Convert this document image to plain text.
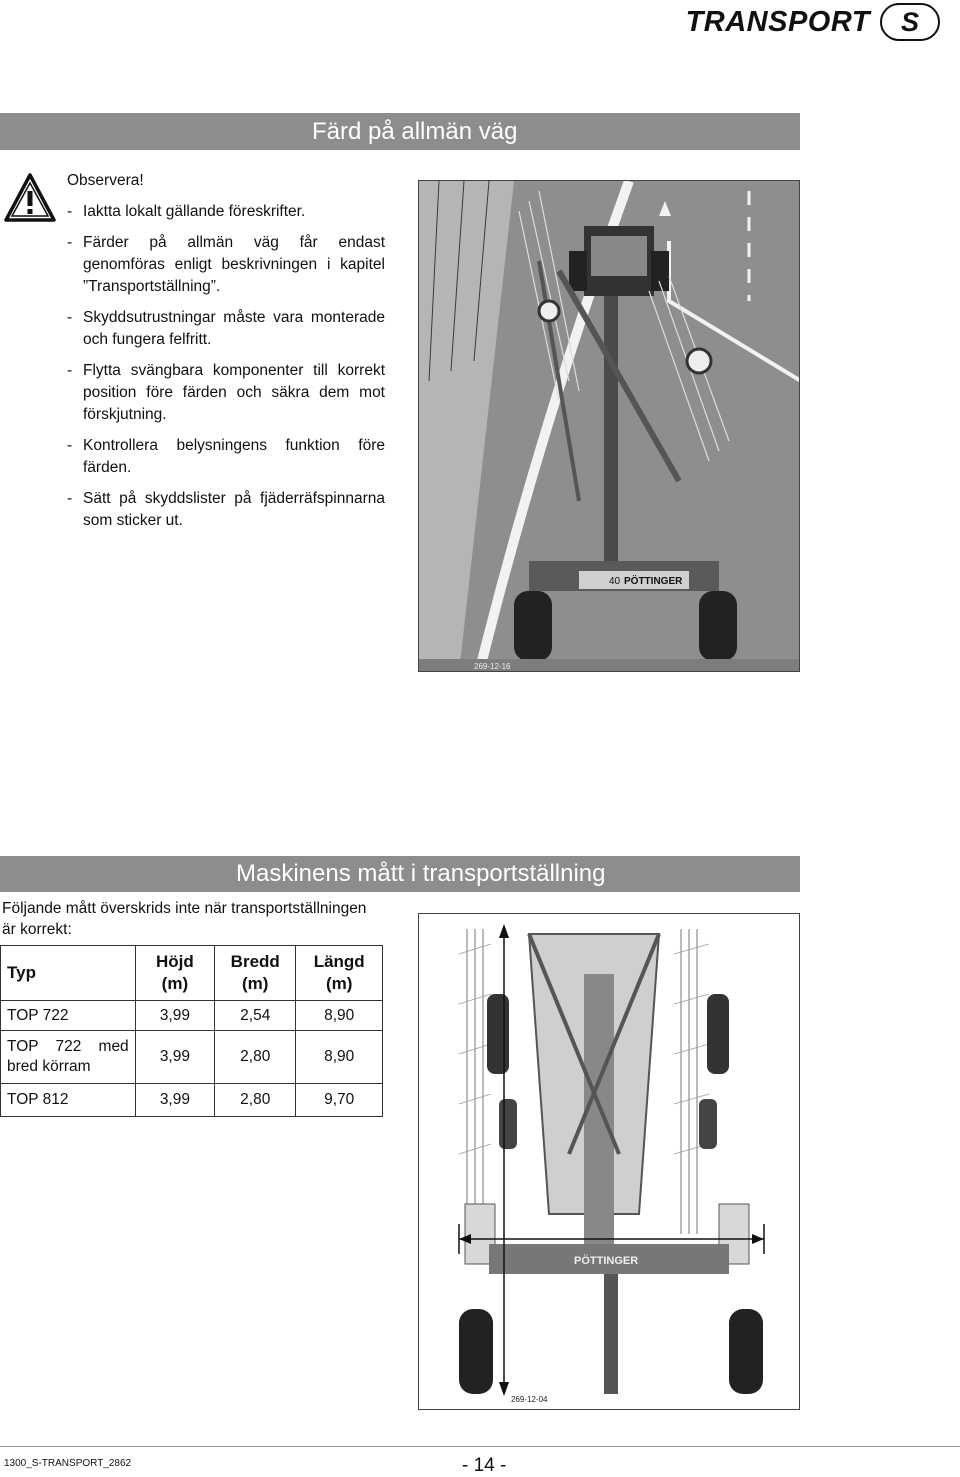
TRANSPORT S
Färd på allmän väg
Observera!
- Iaktta lokalt gällande föreskrifter.
- Färder på allmän väg får endast genomföras enligt beskrivningen i kapitel ”Transportställning”.
- Skyddsutrustningar måste vara monterade och fungera felfritt.
- Flytta svängbara komponenter till korrekt position före färden och säkra dem mot förskjutning.
- Kontrollera belysningens funktion före färden.
- Sätt på skyddslister på fjäderräfspinnarna som sticker ut.
40 PÖTTINGER
269-12-16
Maskinens mått i transportställning
Följande mått överskrids inte när transportställningen är korrekt:
Typ	Höjd (m)	Bredd (m)	Längd (m)
TOP 722	3,99	2,54	8,90
TOP 722 med bred körram	3,99	2,80	8,90
TOP 812	3,99	2,80	9,70
PÖTTINGER
269-12-04
1300_S-TRANSPORT_2862	- 14 -
